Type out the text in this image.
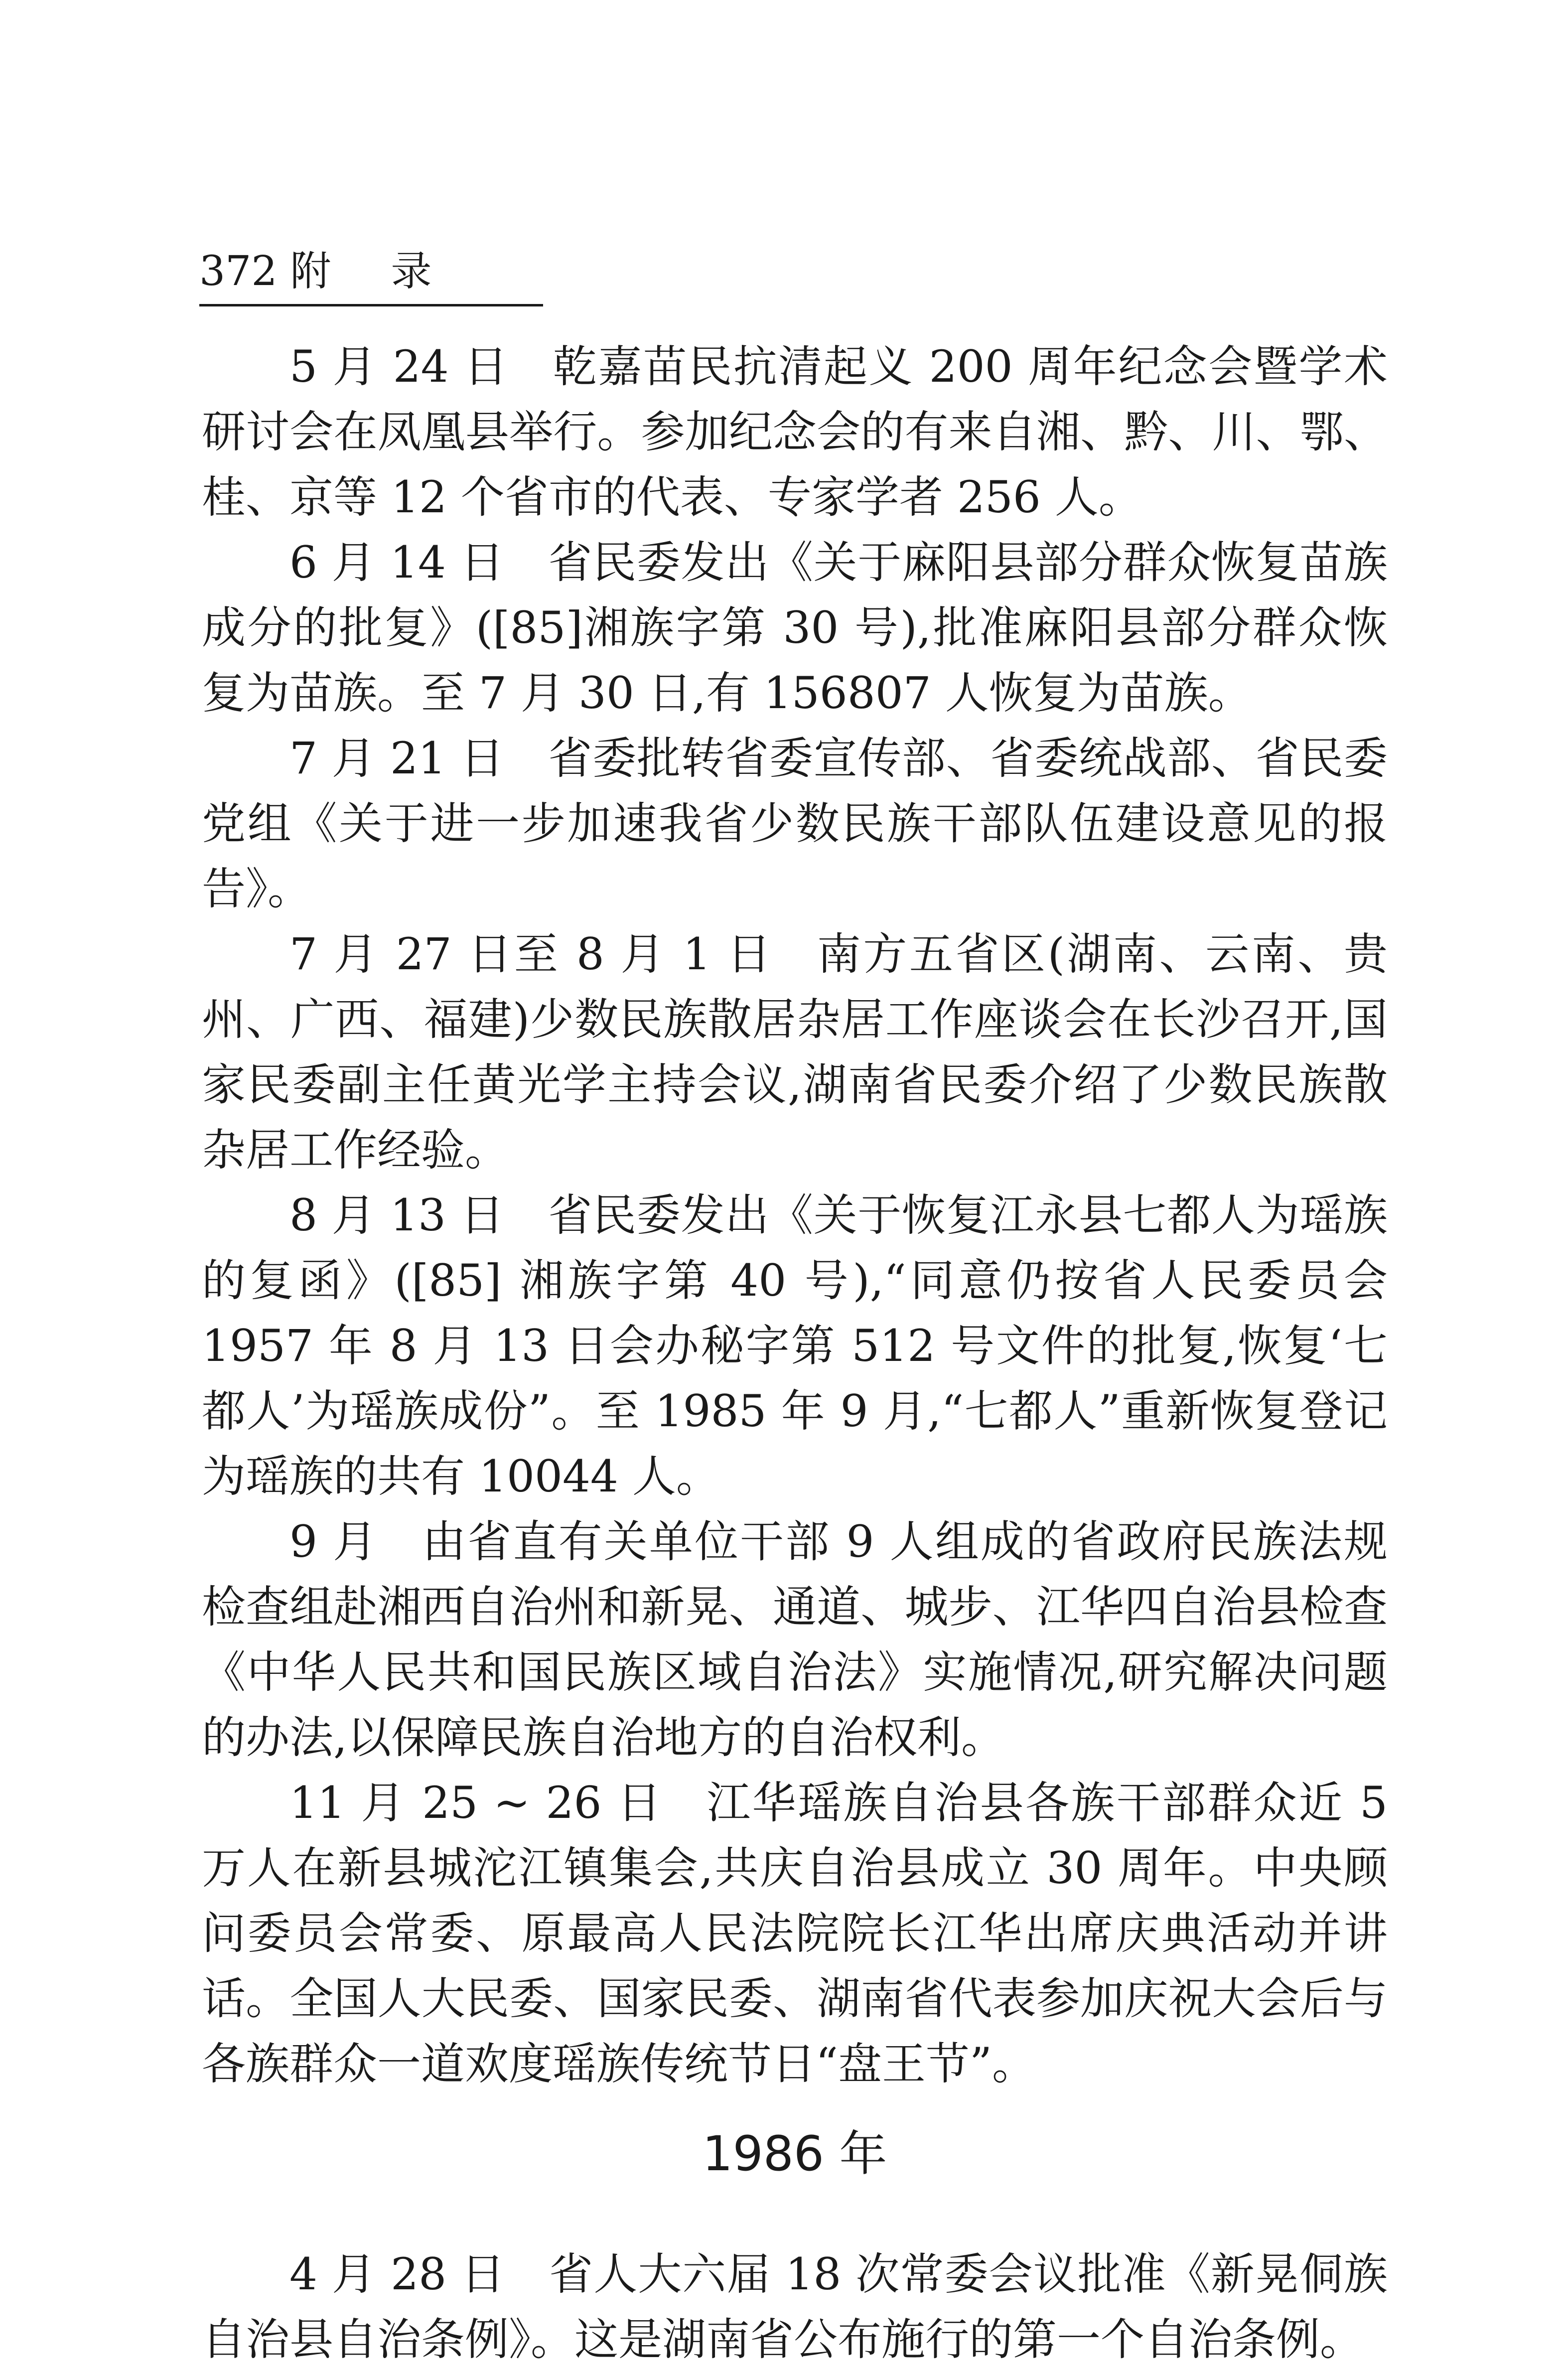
372 附录

5 月 24 日 乾嘉苗民抗清起义 200 周年纪念会暨学术研讨会在凤凰县举行。参加纪念会的有来自湘、黔、川、鄂、桂、京等 12 个省市的代表、专家学者 256 人。

6 月 14 日 省民委发出《关于麻阳县部分群众恢复苗族成分的批复》([85]湘族字第 30 号),批准麻阳县部分群众恢复为苗族。至 7 月 30 日,有 156807 人恢复为苗族。

7 月 21 日 省委批转省委宣传部、省委统战部、省民委党组《关于进一步加速我省少数民族干部队伍建设意见的报告》。

7 月 27 日至 8 月 1 日 南方五省区(湖南、云南、贵州、广西、福建)少数民族散居杂居工作座谈会在长沙召开,国家民委副主任黄光学主持会议,湖南省民委介绍了少数民族散杂居工作经验。

8 月 13 日 省民委发出《关于恢复江永县七都人为瑶族的复函》([85] 湘族字第 40 号),“同意仍按省人民委员会 1957 年 8 月 13 日会办秘字第 512 号文件的批复,恢复‘七都人’为瑶族成份”。至 1985 年 9 月,“七都人”重新恢复登记为瑶族的共有 10044 人。

9 月 由省直有关单位干部 9 人组成的省政府民族法规检查组赴湘西自治州和新晃、通道、城步、江华四自治县检查《中华人民共和国民族区域自治法》实施情况,研究解决问题的办法,以保障民族自治地方的自治权利。

11 月 25 ~ 26 日 江华瑶族自治县各族干部群众近 5 万人在新县城沱江镇集会,共庆自治县成立 30 周年。中央顾问委员会常委、原最高人民法院院长江华出席庆典活动并讲话。全国人大民委、国家民委、湖南省代表参加庆祝大会后与各族群众一道欢度瑶族传统节日“盘王节”。

1986 年

4 月 28 日 省人大六届 18 次常委会议批准《新晃侗族自治县自治条例》。这是湖南省公布施行的第一个自治条例。
